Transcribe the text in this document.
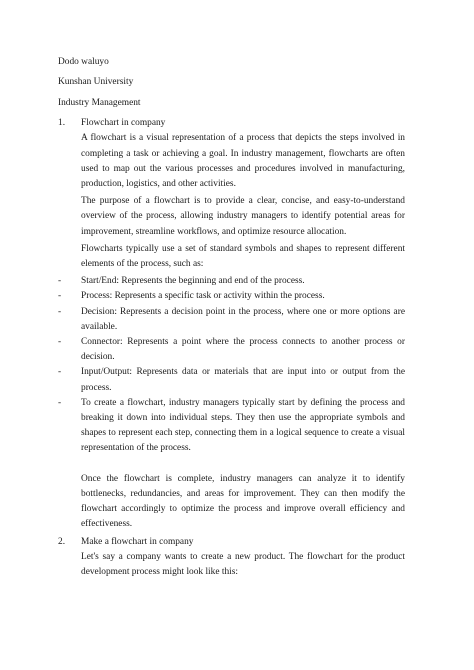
Dodo waluyo
Kunshan University
Industry Management
1. Flowchart in company

A flowchart is a visual representation of a process that depicts the steps involved in completing a task or achieving a goal. In industry management, flowcharts are often used to map out the various processes and procedures involved in manufacturing, production, logistics, and other activities.

The purpose of a flowchart is to provide a clear, concise, and easy-to-understand overview of the process, allowing industry managers to identify potential areas for improvement, streamline workflows, and optimize resource allocation.

Flowcharts typically use a set of standard symbols and shapes to represent different elements of the process, such as:

- Start/End: Represents the beginning and end of the process.
- Process: Represents a specific task or activity within the process.
- Decision: Represents a decision point in the process, where one or more options are available.
- Connector: Represents a point where the process connects to another process or decision.
- Input/Output: Represents data or materials that are input into or output from the process.
- To create a flowchart, industry managers typically start by defining the process and breaking it down into individual steps. They then use the appropriate symbols and shapes to represent each step, connecting them in a logical sequence to create a visual representation of the process.

Once the flowchart is complete, industry managers can analyze it to identify bottlenecks, redundancies, and areas for improvement. They can then modify the flowchart accordingly to optimize the process and improve overall efficiency and effectiveness.

2. Make a flowchart in company

Let's say a company wants to create a new product. The flowchart for the product development process might look like this:
